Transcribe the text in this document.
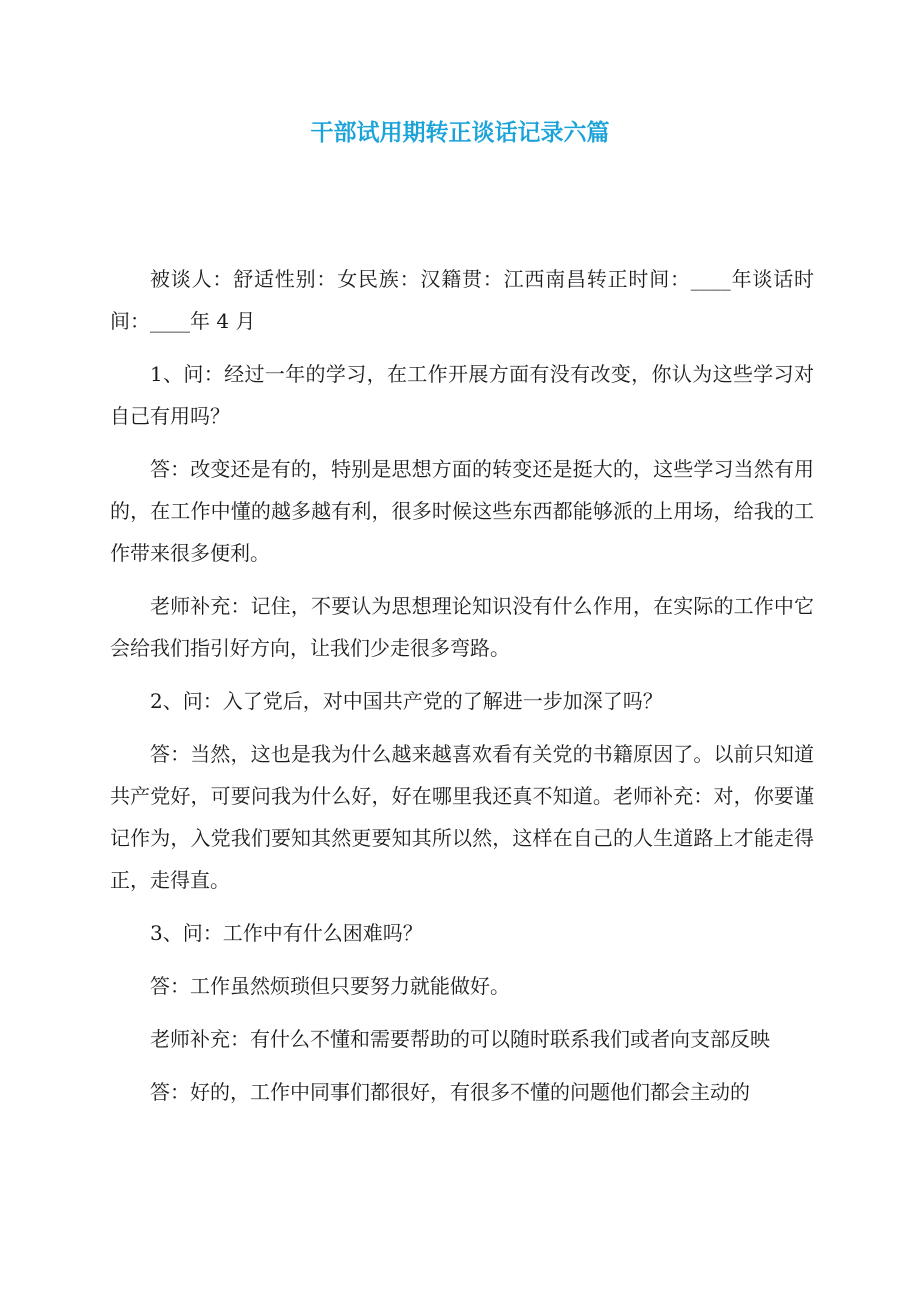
干部试用期转正谈话记录六篇

被谈人：舒适性别：女民族：汉籍贯：江西南昌转正时间：____年谈话时间：____年 4 月

1、问：经过一年的学习，在工作开展方面有没有改变，你认为这些学习对自己有用吗？

答：改变还是有的，特别是思想方面的转变还是挺大的，这些学习当然有用的，在工作中懂的越多越有利，很多时候这些东西都能够派的上用场，给我的工作带来很多便利。

老师补充：记住，不要认为思想理论知识没有什么作用，在实际的工作中它会给我们指引好方向，让我们少走很多弯路。

2、问：入了党后，对中国共产党的了解进一步加深了吗？

答：当然，这也是我为什么越来越喜欢看有关党的书籍原因了。以前只知道共产党好，可要问我为什么好，好在哪里我还真不知道。老师补充：对，你要谨记作为，入党我们要知其然更要知其所以然，这样在自己的人生道路上才能走得正，走得直。

3、问：工作中有什么困难吗？

答：工作虽然烦琐但只要努力就能做好。

老师补充：有什么不懂和需要帮助的可以随时联系我们或者向支部反映

答：好的，工作中同事们都很好，有很多不懂的问题他们都会主动的
